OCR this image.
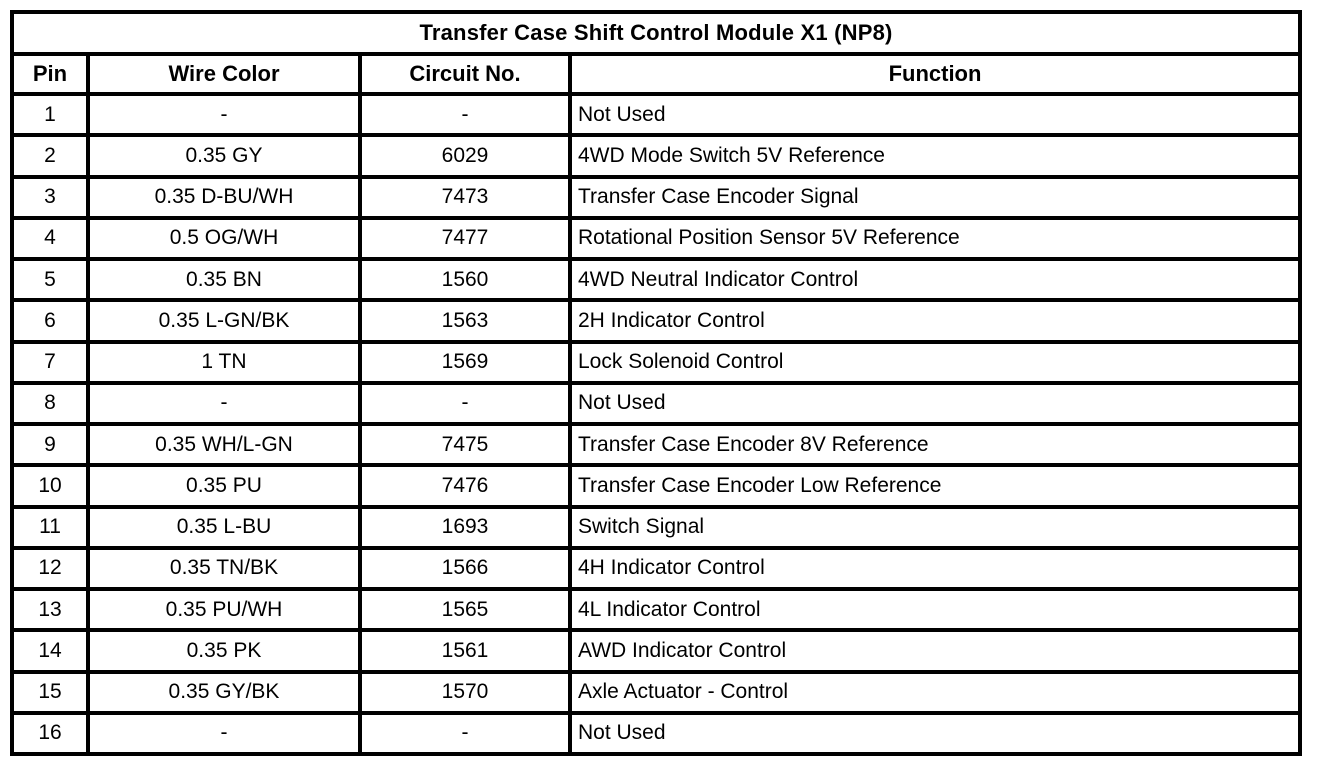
Transfer Case Shift Control Module X1 (NP8)			
Pin	Wire Color	Circuit No.	Function
1	-	-	Not Used
2	0.35 GY	6029	4WD Mode Switch 5V Reference
3	0.35 D-BU/WH	7473	Transfer Case Encoder Signal
4	0.5 OG/WH	7477	Rotational Position Sensor 5V Reference
5	0.35 BN	1560	4WD Neutral Indicator Control
6	0.35 L-GN/BK	1563	2H Indicator Control
7	1 TN	1569	Lock Solenoid Control
8	-	-	Not Used
9	0.35 WH/L-GN	7475	Transfer Case Encoder 8V Reference
10	0.35 PU	7476	Transfer Case Encoder Low Reference
11	0.35 L-BU	1693	Switch Signal
12	0.35 TN/BK	1566	4H Indicator Control
13	0.35 PU/WH	1565	4L Indicator Control
14	0.35 PK	1561	AWD Indicator Control
15	0.35 GY/BK	1570	Axle Actuator - Control
16	-	-	Not Used
